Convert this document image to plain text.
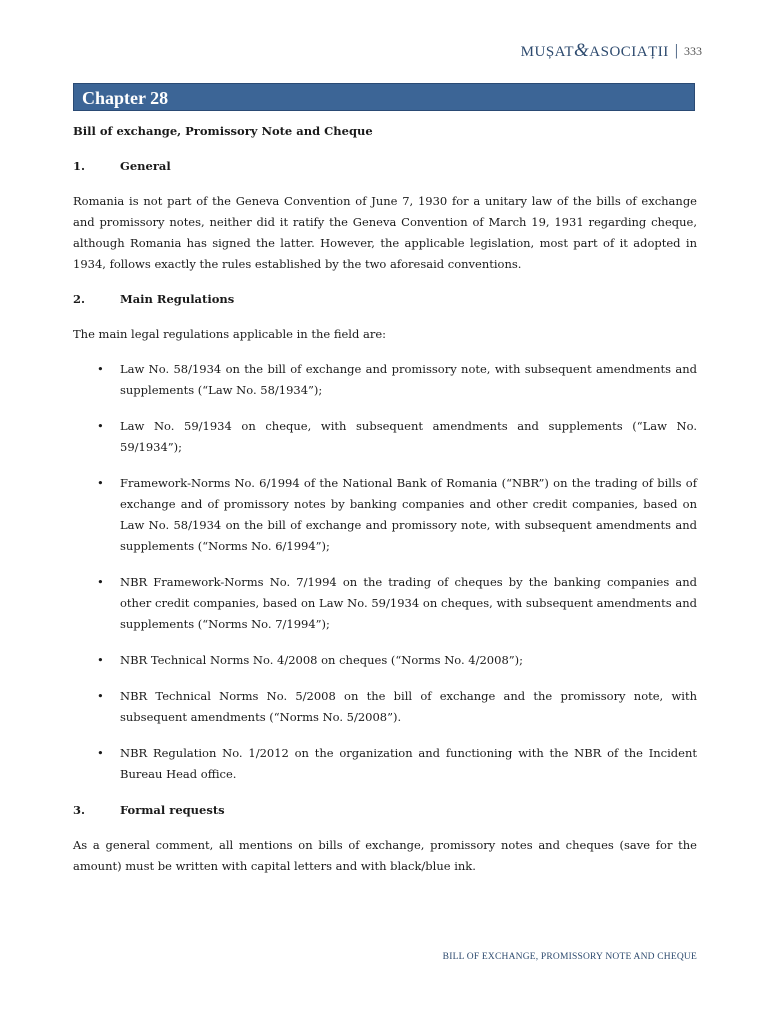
MUȘAT&ASOCIAȚII | 333
Chapter 28

Bill of exchange, Promissory Note and Cheque

1.	General

Romania is not part of the Geneva Convention of June 7, 1930 for a unitary law of the bills of exchange and promissory notes, neither did it ratify the Geneva Convention of March 19, 1931 regarding cheque, although Romania has signed the latter. However, the applicable legislation, most part of it adopted in 1934, follows exactly the rules established by the two aforesaid conventions.

2.	Main Regulations

The main legal regulations applicable in the field are:

• Law No. 58/1934 on the bill of exchange and promissory note, with subsequent amendments and supplements (“Law No. 58/1934”);
• Law No. 59/1934 on cheque, with subsequent amendments and supplements (“Law No. 59/1934”);
• Framework-Norms No. 6/1994 of the National Bank of Romania (“NBR”) on the trading of bills of exchange and of promissory notes by banking companies and other credit companies, based on Law No. 58/1934 on the bill of exchange and promissory note, with subsequent amendments and supplements (“Norms No. 6/1994”);
• NBR Framework-Norms No. 7/1994 on the trading of cheques by the banking companies and other credit companies, based on Law No. 59/1934 on cheques, with subsequent amendments and supplements (“Norms No. 7/1994”);
• NBR Technical Norms No. 4/2008 on cheques (“Norms No. 4/2008”);
• NBR Technical Norms No. 5/2008 on the bill of exchange and the promissory note, with subsequent amendments (“Norms No. 5/2008”).
• NBR Regulation No. 1/2012 on the organization and functioning with the NBR of the Incident Bureau Head office.
3.	Formal requests

As a general comment, all mentions on bills of exchange, promissory notes and cheques (save for the amount) must be written with capital letters and with black/blue ink.

BILL OF EXCHANGE, PROMISSORY NOTE AND CHEQUE
